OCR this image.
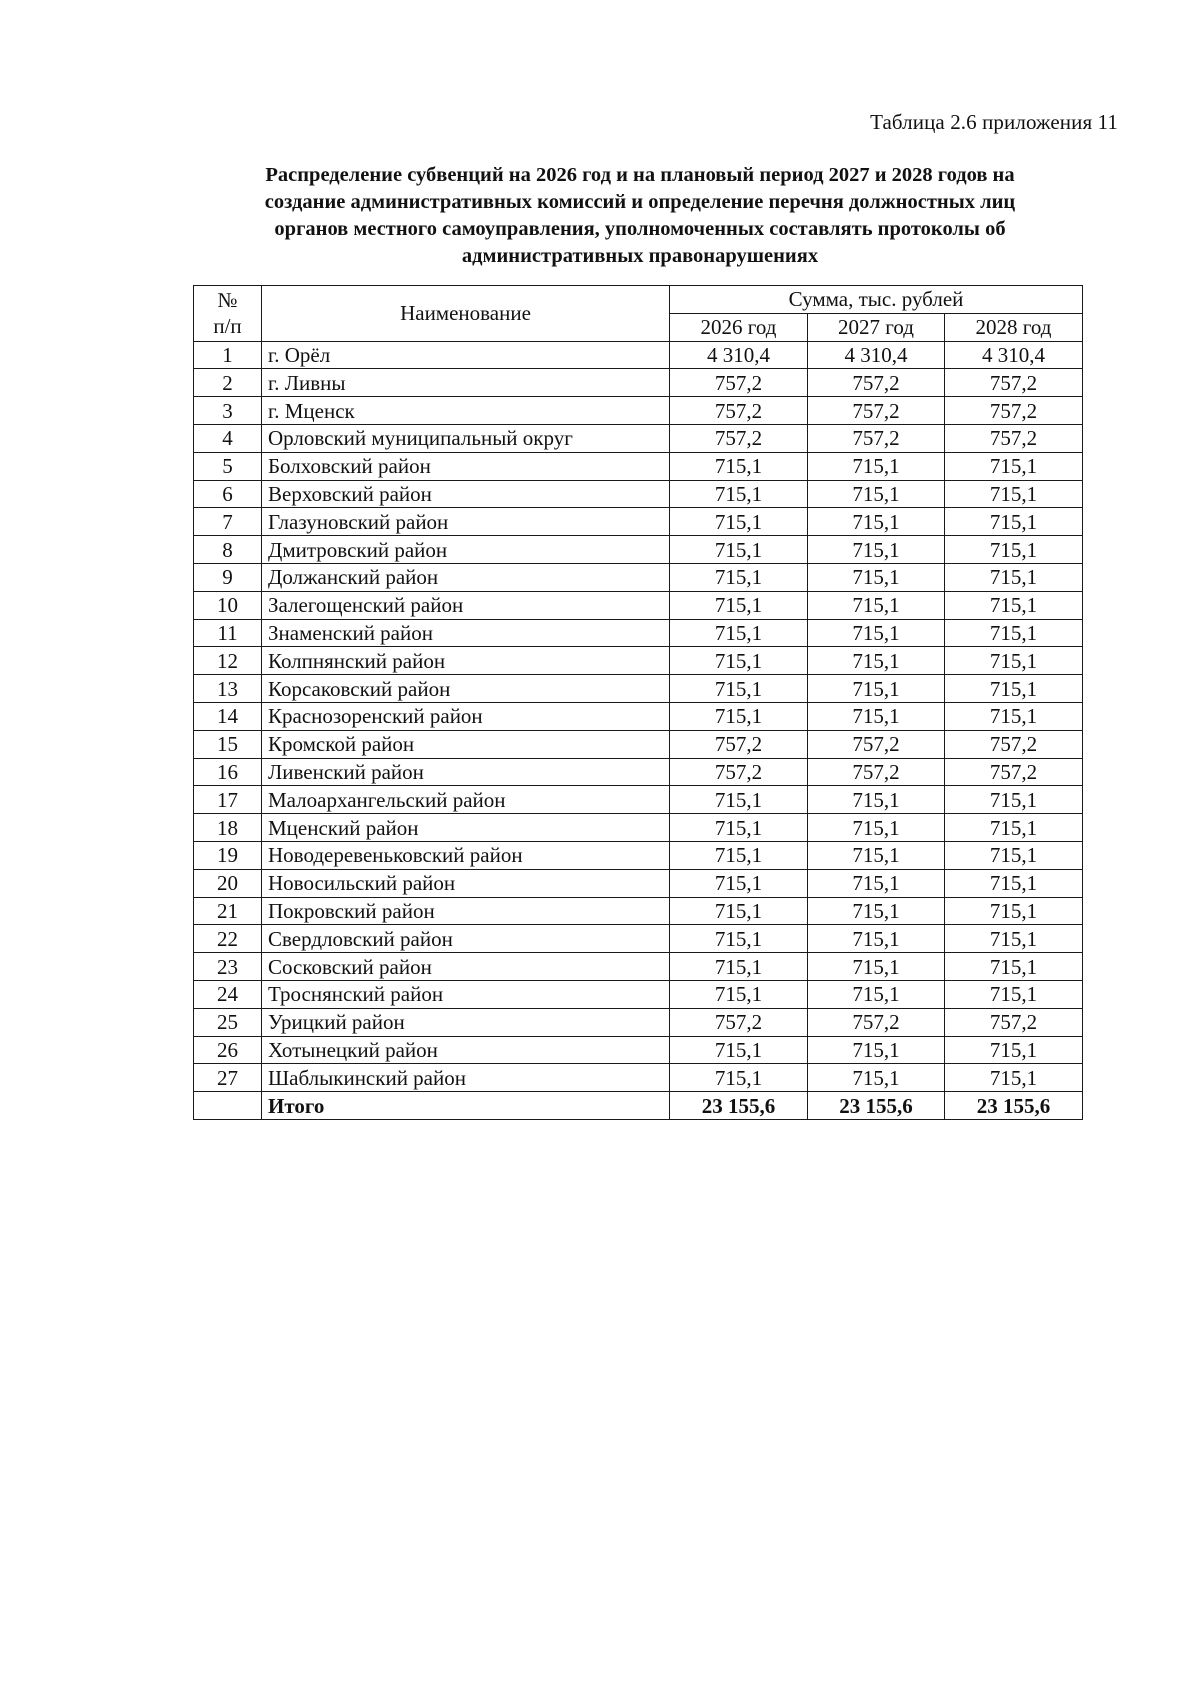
Таблица 2.6 приложения 11
Распределение субвенций на 2026 год и на плановый период 2027 и 2028 годов на
создание административных комиссий и определение перечня должностных лиц
органов местного самоуправления, уполномоченных составлять протоколы об
административных правонарушениях
№
п/п	Наименование	Сумма, тыс. рублей		
		2026 год	2027 год	2028 год
1	г. Орёл	4 310,4	4 310,4	4 310,4
2	г. Ливны	757,2	757,2	757,2
3	г. Мценск	757,2	757,2	757,2
4	Орловский муниципальный округ	757,2	757,2	757,2
5	Болховский район	715,1	715,1	715,1
6	Верховский район	715,1	715,1	715,1
7	Глазуновский район	715,1	715,1	715,1
8	Дмитровский район	715,1	715,1	715,1
9	Должанский район	715,1	715,1	715,1
10	Залегощенский район	715,1	715,1	715,1
11	Знаменский район	715,1	715,1	715,1
12	Колпнянский район	715,1	715,1	715,1
13	Корсаковский район	715,1	715,1	715,1
14	Краснозоренский район	715,1	715,1	715,1
15	Кромской район	757,2	757,2	757,2
16	Ливенский район	757,2	757,2	757,2
17	Малоархангельский район	715,1	715,1	715,1
18	Мценский район	715,1	715,1	715,1
19	Новодеревеньковский район	715,1	715,1	715,1
20	Новосильский район	715,1	715,1	715,1
21	Покровский район	715,1	715,1	715,1
22	Свердловский район	715,1	715,1	715,1
23	Сосковский район	715,1	715,1	715,1
24	Троснянский район	715,1	715,1	715,1
25	Урицкий район	757,2	757,2	757,2
26	Хотынецкий район	715,1	715,1	715,1
27	Шаблыкинский район	715,1	715,1	715,1
	Итого	23 155,6	23 155,6	23 155,6
